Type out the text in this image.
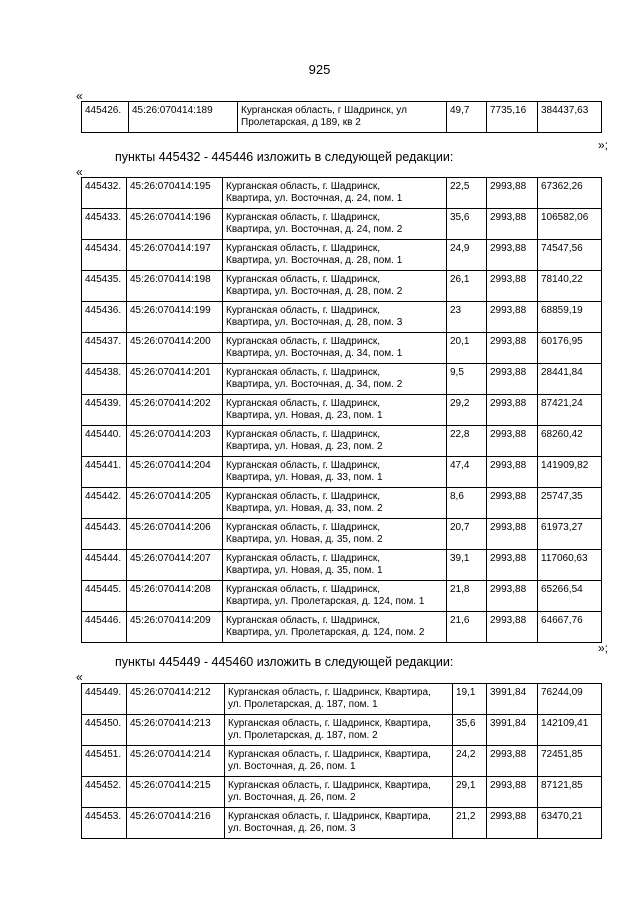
925
«
445426.	45:26:070414:189	Курганская область, г Шадринск, ул
Пролетарская, д 189, кв 2
	49,7	7735,16	384437,63
»;
пункты 445432 - 445446 изложить в следующей редакции:
«
445432.	45:26:070414:195	Курганская область, г. Шадринск,
Квартира, ул. Восточная, д. 24, пом. 1	22,5	2993,88	67362,26
445433.	45:26:070414:196	Курганская область, г. Шадринск,
Квартира, ул. Восточная, д. 24, пом. 2	35,6	2993,88	106582,06
445434.	45:26:070414:197	Курганская область, г. Шадринск,
Квартира, ул. Восточная, д. 28, пом. 1	24,9	2993,88	74547,56
445435.	45:26:070414:198	Курганская область, г. Шадринск,
Квартира, ул. Восточная, д. 28, пом. 2	26,1	2993,88	78140,22
445436.	45:26:070414:199	Курганская область, г. Шадринск,
Квартира, ул. Восточная, д. 28, пом. 3	23	2993,88	68859,19
445437.	45:26:070414:200	Курганская область, г. Шадринск,
Квартира, ул. Восточная, д. 34, пом. 1	20,1	2993,88	60176,95
445438.	45:26:070414:201	Курганская область, г. Шадринск,
Квартира, ул. Восточная, д. 34, пом. 2	9,5	2993,88	28441,84
445439.	45:26:070414:202	Курганская область, г. Шадринск,
Квартира, ул. Новая, д. 23, пом. 1	29,2	2993,88	87421,24
445440.	45:26:070414:203	Курганская область, г. Шадринск,
Квартира, ул. Новая, д. 23, пом. 2	22,8	2993,88	68260,42
445441.	45:26:070414:204	Курганская область, г. Шадринск,
Квартира, ул. Новая, д. 33, пом. 1	47,4	2993,88	141909,82
445442.	45:26:070414:205	Курганская область, г. Шадринск,
Квартира, ул. Новая, д. 33, пом. 2	8,6	2993,88	25747,35
445443.	45:26:070414:206	Курганская область, г. Шадринск,
Квартира, ул. Новая, д. 35, пом. 2	20,7	2993,88	61973,27
445444.	45:26:070414:207	Курганская область, г. Шадринск,
Квартира, ул. Новая, д. 35, пом. 1	39,1	2993,88	117060,63
445445.	45:26:070414:208	Курганская область, г. Шадринск,
Квартира, ул. Пролетарская, д. 124, пом. 1	21,8	2993,88	65266,54
445446.	45:26:070414:209	Курганская область, г. Шадринск,
Квартира, ул. Пролетарская, д. 124, пом. 2	21,6	2993,88	64667,76
»;
пункты 445449 - 445460 изложить в следующей редакции:
«
445449.	45:26:070414:212	Курганская область, г. Шадринск, Квартира,
ул. Пролетарская, д. 187, пом. 1	19,1	3991,84	76244,09
445450.	45:26:070414:213	Курганская область, г. Шадринск, Квартира,
ул. Пролетарская, д. 187, пом. 2	35,6	3991,84	142109,41
445451.	45:26:070414:214	Курганская область, г. Шадринск, Квартира,
ул. Восточная, д. 26, пом. 1	24,2	2993,88	72451,85
445452.	45:26:070414:215	Курганская область, г. Шадринск, Квартира,
ул. Восточная, д. 26, пом. 2	29,1	2993,88	87121,85
445453.	45:26:070414:216	Курганская область, г. Шадринск, Квартира,
ул. Восточная, д. 26, пом. 3	21,2	2993,88	63470,21
